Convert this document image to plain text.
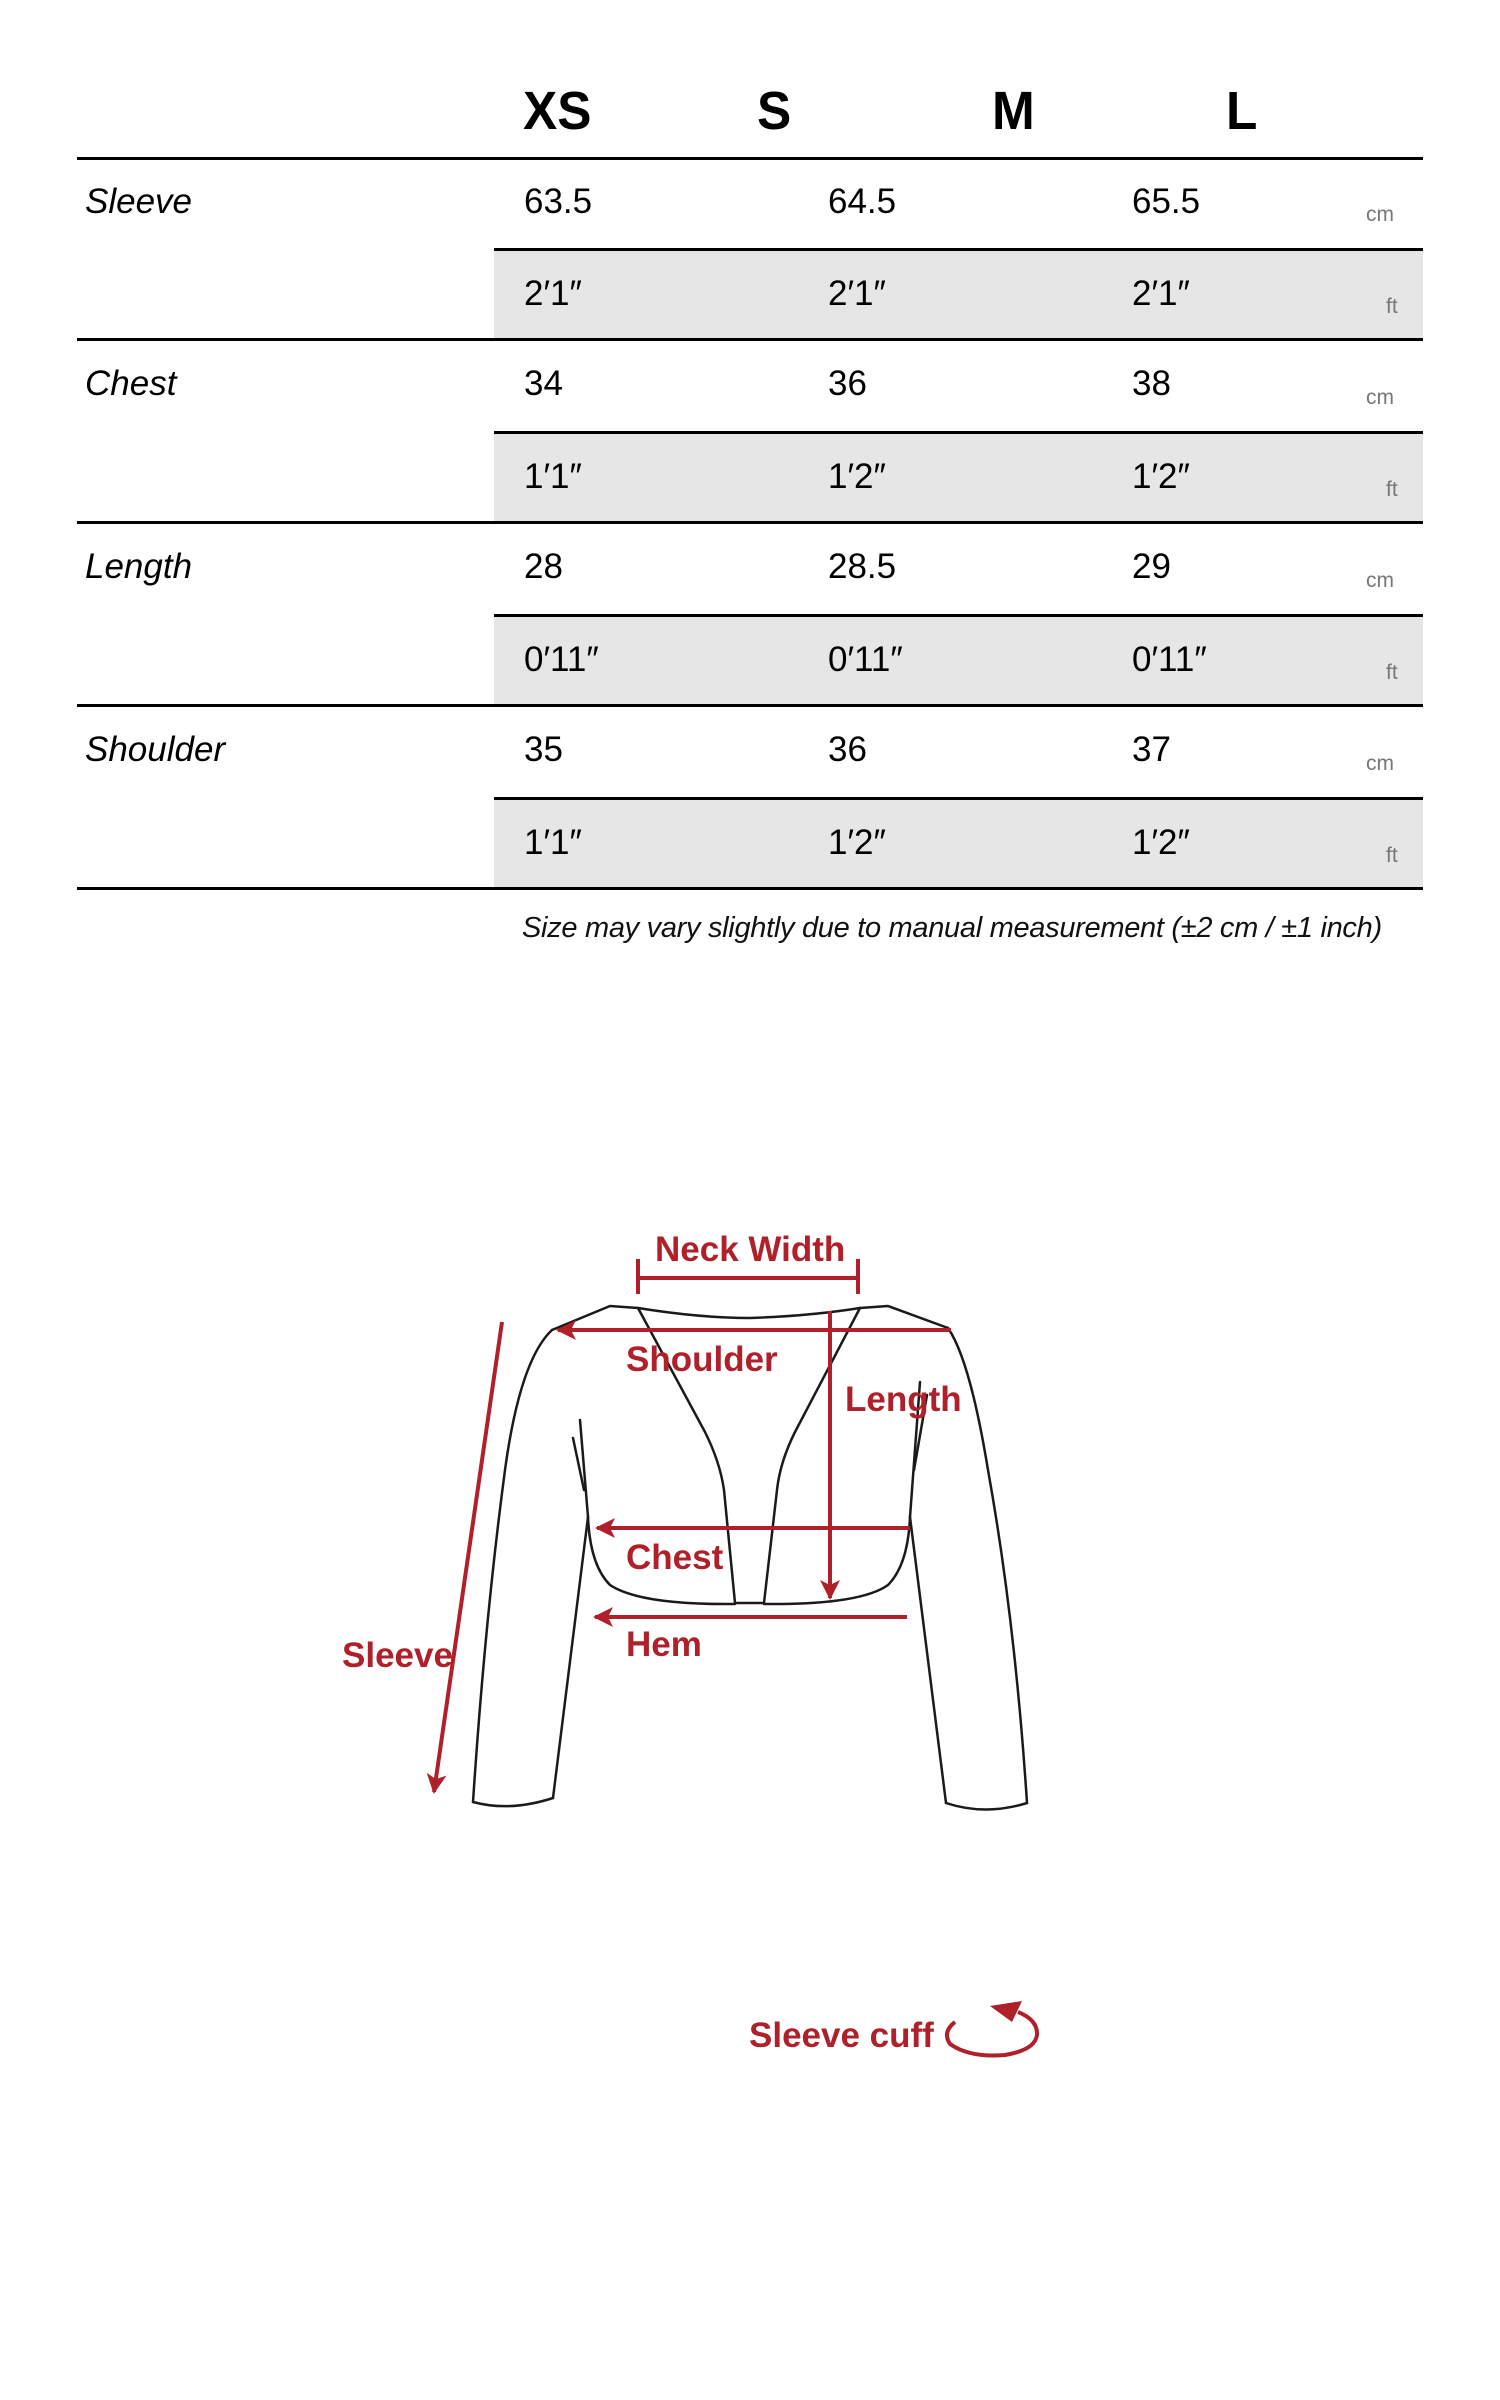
XS	S	M	L
Sleeve	63.5	64.5	65.5	cm
2′1″	2′1″	2′1″	ft
Chest	34	36	38	cm
1′1″	1′2″	1′2″	ft
Length	28	28.5	29	cm
0′11″	0′11″	0′11″	ft
Shoulder	35	36	37	cm
1′1″	1′2″	1′2″	ft
Size may vary slightly due to manual measurement (±2 cm / ±1 inch)
Neck Width
Shoulder
Length
Chest
Hem
Sleeve
Sleeve cuff
